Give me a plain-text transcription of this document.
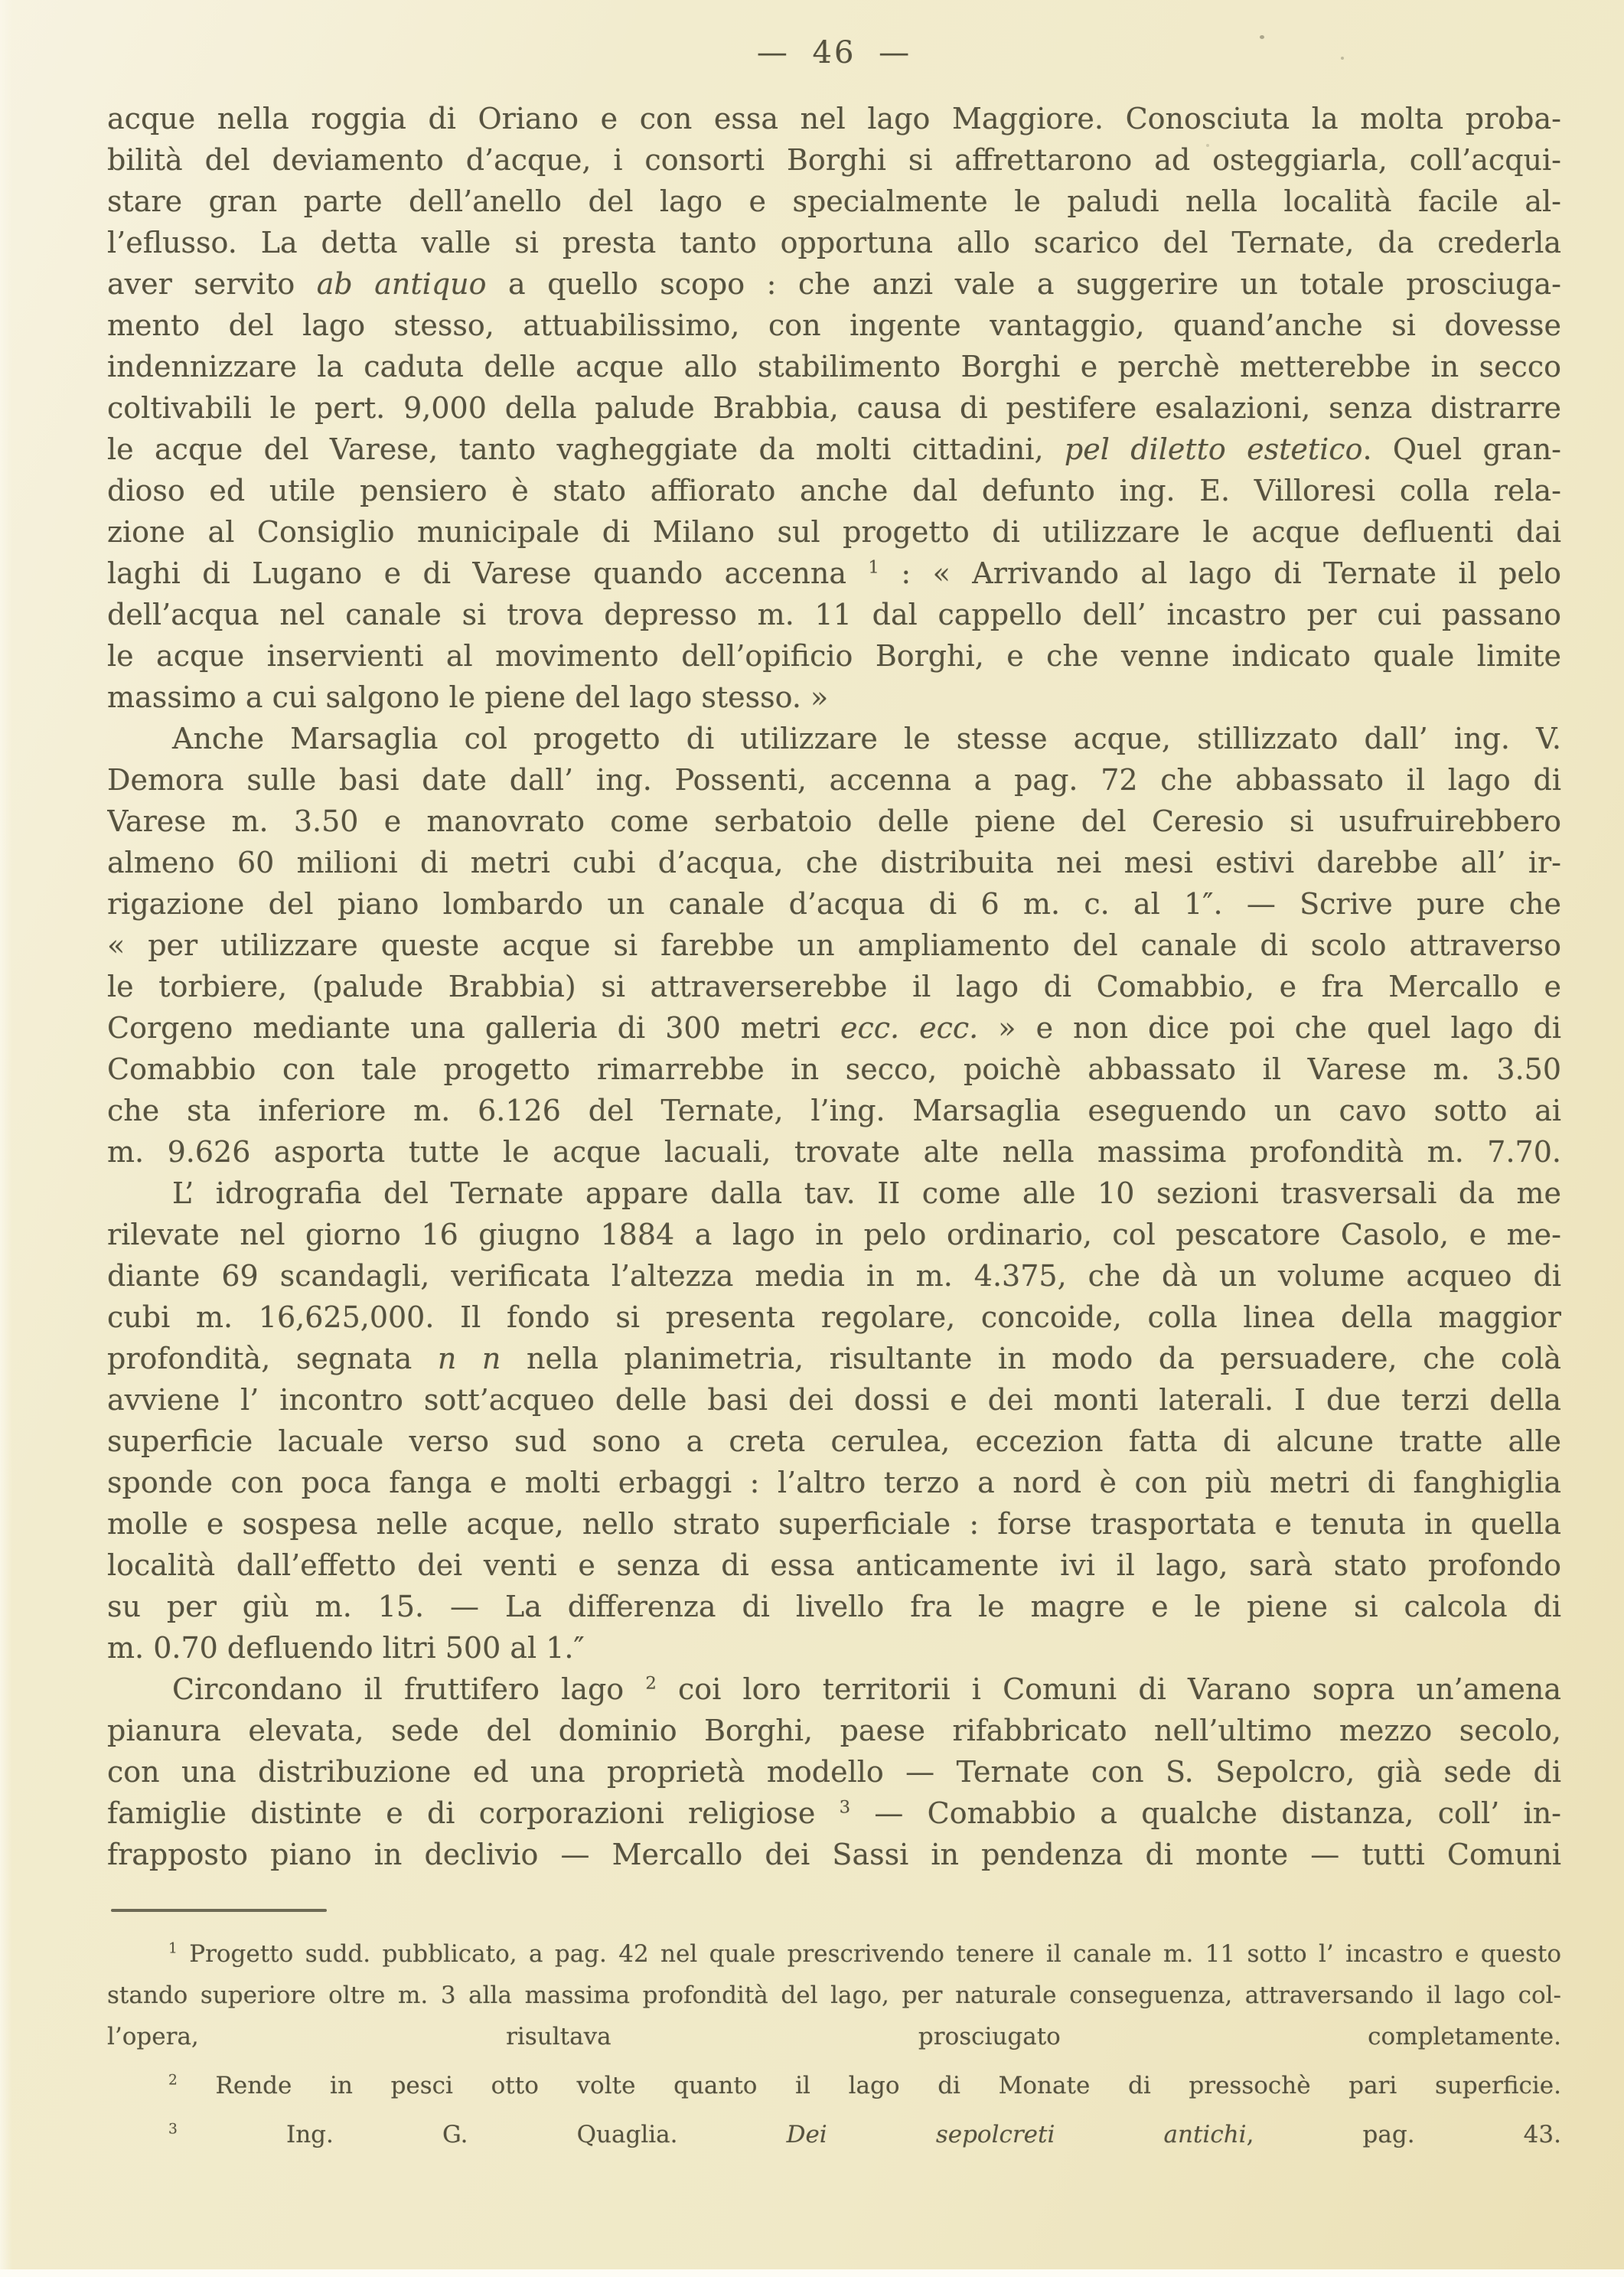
— 46 —
acque nella roggia di Oriano e con essa nel lago Maggiore. Conosciuta la molta proba-
bilità del deviamento d’acque, i consorti Borghi si affrettarono ad osteggiarla, coll’acqui-
stare gran parte dell’anello del lago e specialmente le paludi nella località facile al-
l’eflusso. La detta valle si presta tanto opportuna allo scarico del Ternate, da crederla
aver servito ab antiquo a quello scopo : che anzi vale a suggerire un totale prosciuga-
mento del lago stesso, attuabilissimo, con ingente vantaggio, quand’anche si dovesse
indennizzare la caduta delle acque allo stabilimento Borghi e perchè metterebbe in secco
coltivabili le pert. 9,000 della palude Brabbia, causa di pestifere esalazioni, senza distrarre
le acque del Varese, tanto vagheggiate da molti cittadini, pel diletto estetico. Quel gran-
dioso ed utile pensiero è stato affiorato anche dal defunto ing. E. Villoresi colla rela-
zione al Consiglio municipale di Milano sul progetto di utilizzare le acque defluenti dai
laghi di Lugano e di Varese quando accenna $^1$ : « Arrivando al lago di Ternate il pelo
dell’acqua nel canale si trova depresso m. 11 dal cappello dell’ incastro per cui passano
le acque inservienti al movimento dell’opificio Borghi, e che venne indicato quale limite
massimo a cui salgono le piene del lago stesso. »
Anche Marsaglia col progetto di utilizzare le stesse acque, stillizzato dall’ ing. V.
Demora sulle basi date dall’ ing. Possenti, accenna a pag. 72 che abbassato il lago di
Varese m. 3.50 e manovrato come serbatoio delle piene del Ceresio si usufruirebbero
almeno 60 milioni di metri cubi d’acqua, che distribuita nei mesi estivi darebbe all’ ir-
rigazione del piano lombardo un canale d’acqua di 6 m. c. al 1″. — Scrive pure che
« per utilizzare queste acque si farebbe un ampliamento del canale di scolo attraverso
le torbiere, (palude Brabbia) si attraverserebbe il lago di Comabbio, e fra Mercallo e
Corgeno mediante una galleria di 300 metri ecc. ecc. » e non dice poi che quel lago di
Comabbio con tale progetto rimarrebbe in secco, poichè abbassato il Varese m. 3.50
che sta inferiore m. 6.126 del Ternate, l’ing. Marsaglia eseguendo un cavo sotto ai
m. 9.626 asporta tutte le acque lacuali, trovate alte nella massima profondità m. 7.70.
L’ idrografia del Ternate appare dalla tav. II come alle 10 sezioni trasversali da me
rilevate nel giorno 16 giugno 1884 a lago in pelo ordinario, col pescatore Casolo, e me-
diante 69 scandagli, verificata l’altezza media in m. 4.375, che dà un volume acqueo di
cubi m. 16,625,000. Il fondo si presenta regolare, concoide, colla linea della maggior
profondità, segnata n n nella planimetria, risultante in modo da persuadere, che colà
avviene l’ incontro sott’acqueo delle basi dei dossi e dei monti laterali. I due terzi della
superficie lacuale verso sud sono a creta cerulea, eccezion fatta di alcune tratte alle
sponde con poca fanga e molti erbaggi : l’altro terzo a nord è con più metri di fanghiglia
molle e sospesa nelle acque, nello strato superficiale : forse trasportata e tenuta in quella
località dall’effetto dei venti e senza di essa anticamente ivi il lago, sarà stato profondo
su per giù m. 15. — La differenza di livello fra le magre e le piene si calcola di
m. 0.70 defluendo litri 500 al 1.″
Circondano il fruttifero lago $^2$ coi loro territorii i Comuni di Varano sopra un’amena
pianura elevata, sede del dominio Borghi, paese rifabbricato nell’ultimo mezzo secolo,
con una distribuzione ed una proprietà modello — Ternate con S. Sepolcro, già sede di
famiglie distinte e di corporazioni religiose $^3$ — Comabbio a qualche distanza, coll’ in-
frapposto piano in declivio — Mercallo dei Sassi in pendenza di monte — tutti Comuni
$^1$ Progetto sudd. pubblicato, a pag. 42 nel quale prescrivendo tenere il canale m. 11 sotto l’ incastro e questo
stando superiore oltre m. 3 alla massima profondità del lago, per naturale conseguenza, attraversando il lago col-
l’opera, risultava prosciugato completamente.
$^2$ Rende in pesci otto volte quanto il lago di Monate di pressochè pari superficie.
$^3$ Ing. G. Quaglia. Dei sepolcreti antichi, pag. 43.
